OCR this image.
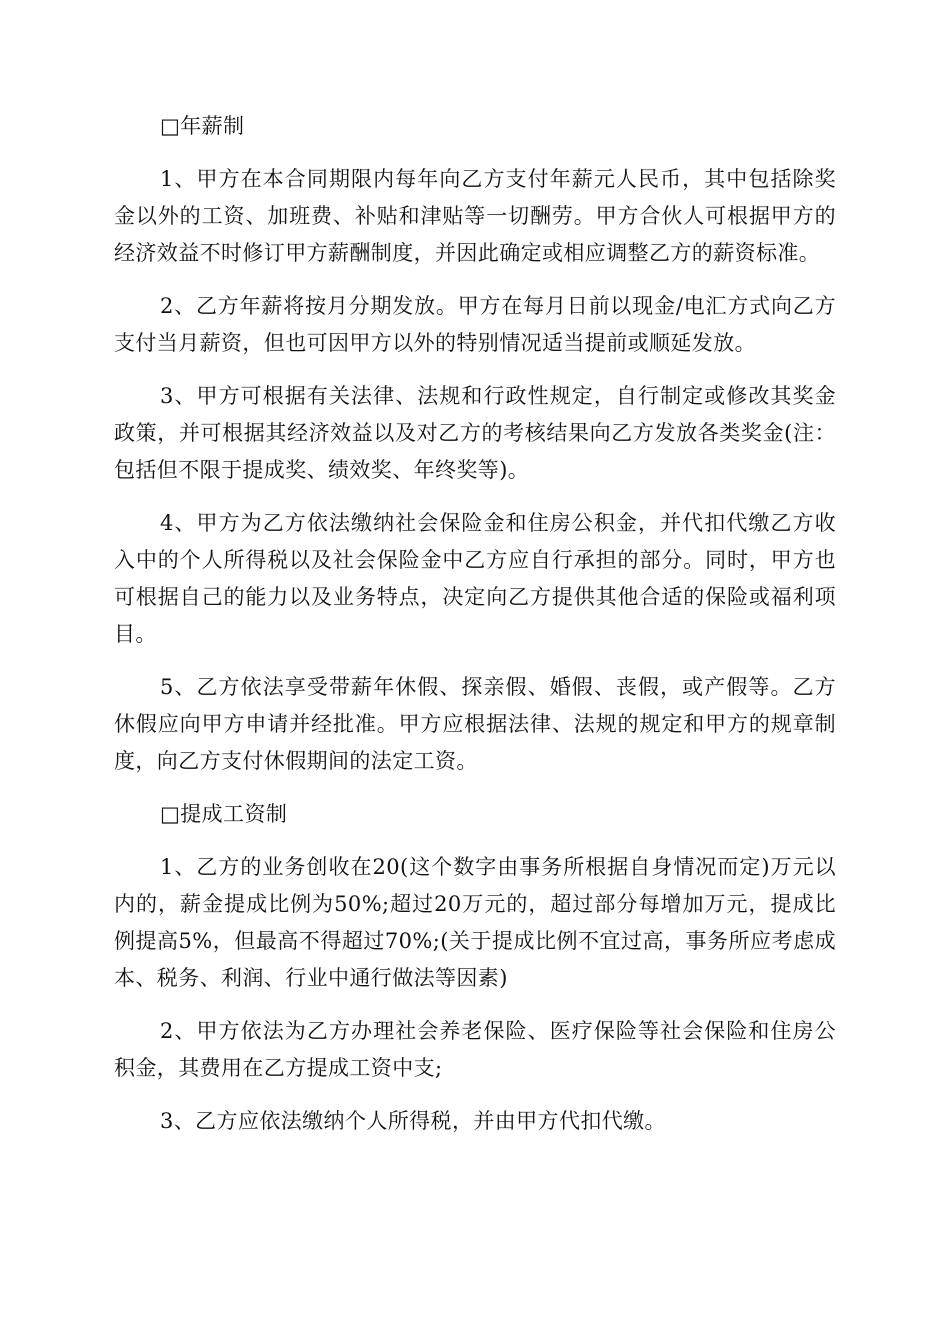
□年薪制

1、甲方在本合同期限内每年向乙方支付年薪元人民币，其中包括除奖金以外的工资、加班费、补贴和津贴等一切酬劳。甲方合伙人可根据甲方的经济效益不时修订甲方薪酬制度，并因此确定或相应调整乙方的薪资标准。

2、乙方年薪将按月分期发放。甲方在每月日前以现金/电汇方式向乙方支付当月薪资，但也可因甲方以外的特别情况适当提前或顺延发放。

3、甲方可根据有关法律、法规和行政性规定，自行制定或修改其奖金政策，并可根据其经济效益以及对乙方的考核结果向乙方发放各类奖金(注：包括但不限于提成奖、绩效奖、年终奖等)。

4、甲方为乙方依法缴纳社会保险金和住房公积金，并代扣代缴乙方收入中的个人所得税以及社会保险金中乙方应自行承担的部分。同时，甲方也可根据自己的能力以及业务特点，决定向乙方提供其他合适的保险或福利项目。

5、乙方依法享受带薪年休假、探亲假、婚假、丧假，或产假等。乙方休假应向甲方申请并经批准。甲方应根据法律、法规的规定和甲方的规章制度，向乙方支付休假期间的法定工资。

□提成工资制

1、乙方的业务创收在20(这个数字由事务所根据自身情况而定)万元以内的，薪金提成比例为50%;超过20万元的，超过部分每增加万元，提成比例提高5%，但最高不得超过70%;(关于提成比例不宜过高，事务所应考虑成本、税务、利润、行业中通行做法等因素)

2、甲方依法为乙方办理社会养老保险、医疗保险等社会保险和住房公积金，其费用在乙方提成工资中支;

3、乙方应依法缴纳个人所得税，并由甲方代扣代缴。
